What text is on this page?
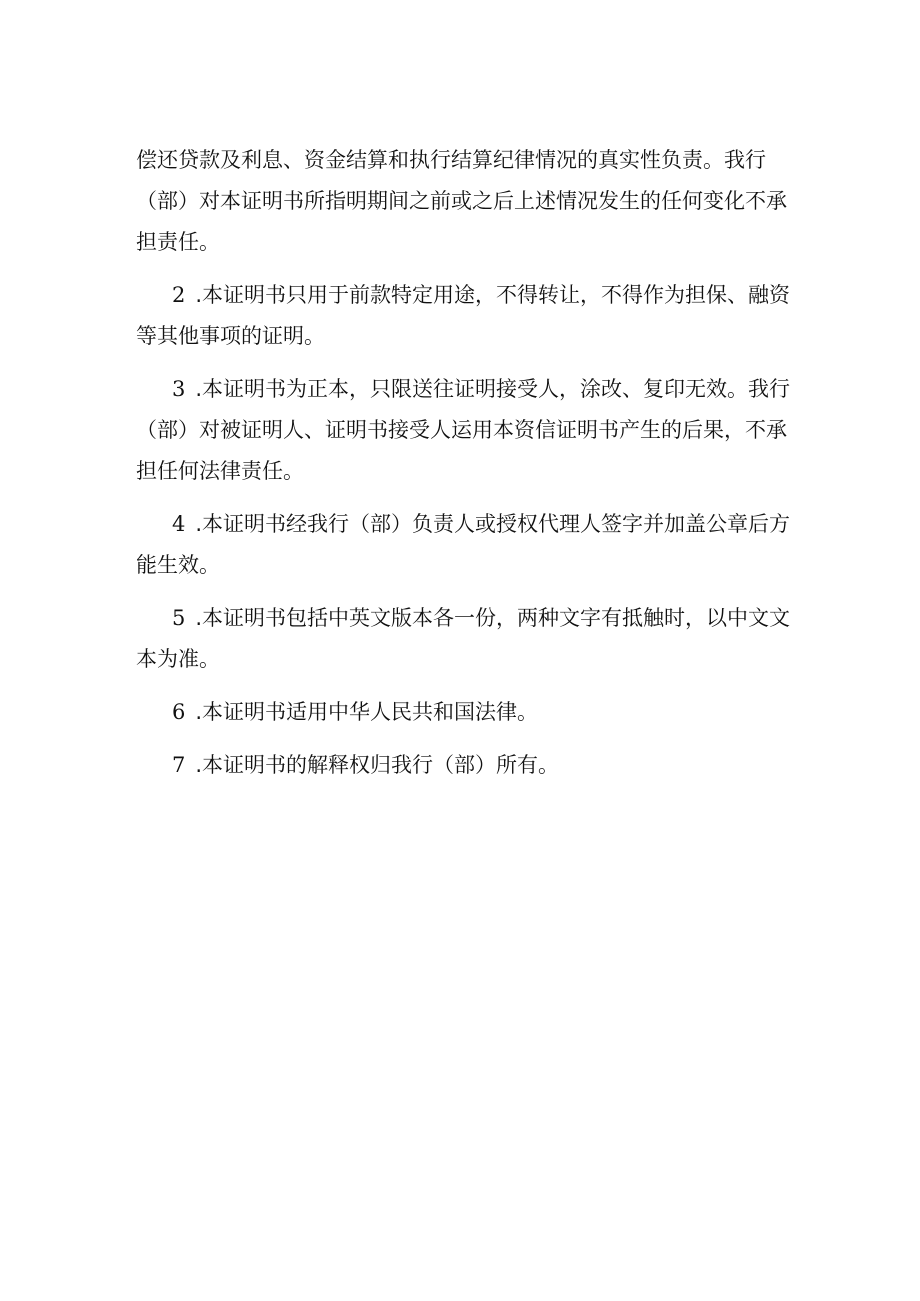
偿还贷款及利息、资金结算和执行结算纪律情况的真实性负责。我行（部）对本证明书所指明期间之前或之后上述情况发生的任何变化不承担责任。

2 .本证明书只用于前款特定用途，不得转让，不得作为担保、融资等其他事项的证明。

3 .本证明书为正本，只限送往证明接受人，涂改、复印无效。我行（部）对被证明人、证明书接受人运用本资信证明书产生的后果，不承担任何法律责任。

4 .本证明书经我行（部）负责人或授权代理人签字并加盖公章后方能生效。

5 .本证明书包括中英文版本各一份，两种文字有抵触时，以中文文本为准。

6 .本证明书适用中华人民共和国法律。

7 .本证明书的解释权归我行（部）所有。
